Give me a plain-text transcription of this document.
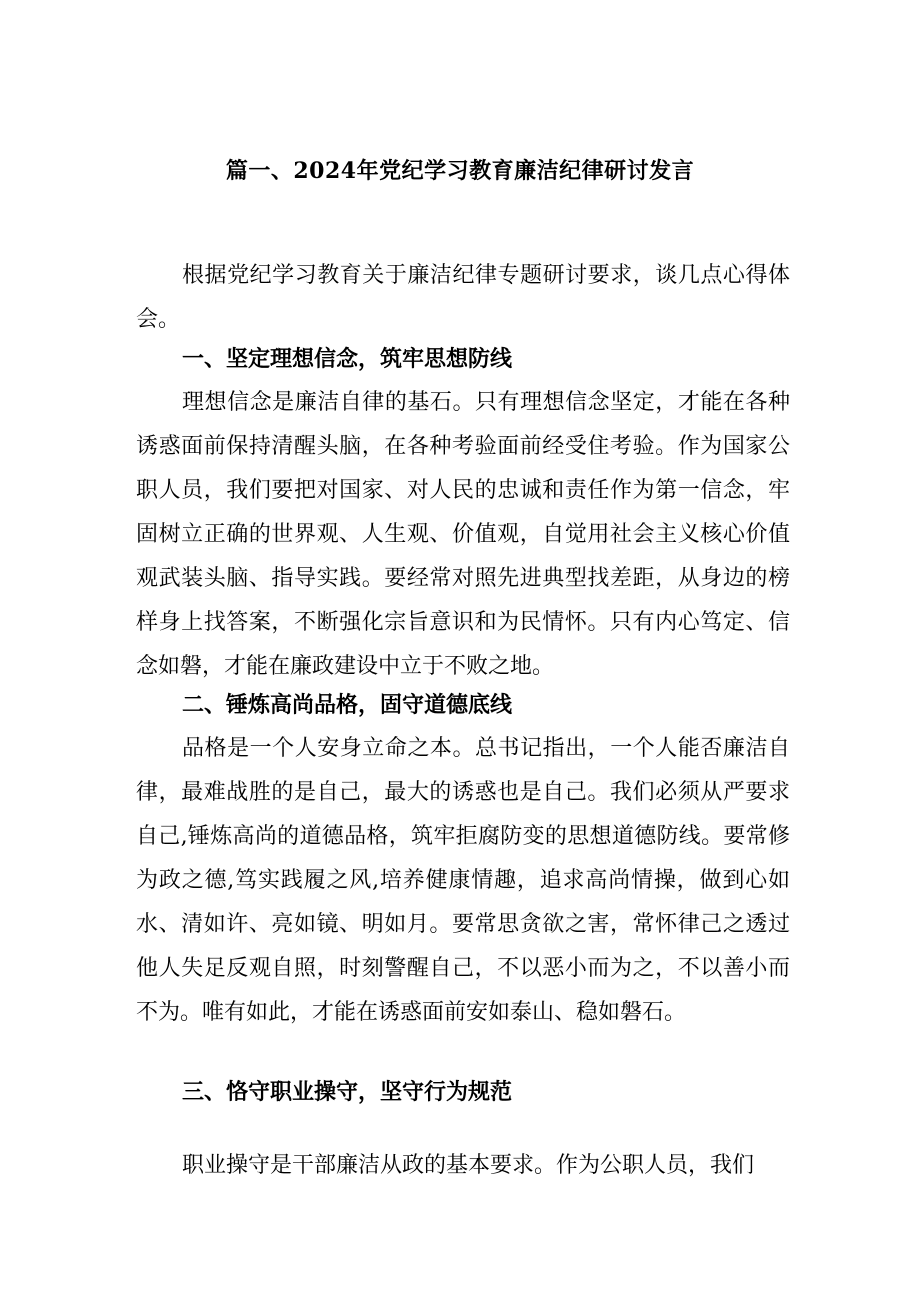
篇一、2024年党纪学习教育廉洁纪律研讨发言

根据党纪学习教育关于廉洁纪律专题研讨要求，谈几点心得体会。

一、坚定理想信念，筑牢思想防线

理想信念是廉洁自律的基石。只有理想信念坚定，才能在各种诱惑面前保持清醒头脑，在各种考验面前经受住考验。作为国家公职人员，我们要把对国家、对人民的忠诚和责任作为第一信念，牢固树立正确的世界观、人生观、价值观，自觉用社会主义核心价值观武装头脑、指导实践。要经常对照先进典型找差距，从身边的榜样身上找答案，不断强化宗旨意识和为民情怀。只有内心笃定、信念如磐，才能在廉政建设中立于不败之地。

二、锤炼高尚品格，固守道德底线

品格是一个人安身立命之本。总书记指出，一个人能否廉洁自律，最难战胜的是自己，最大的诱惑也是自己。我们必须从严要求自己,锤炼高尚的道德品格，筑牢拒腐防变的思想道德防线。要常修为政之德,笃实践履之风,培养健康情趣，追求高尚情操，做到心如水、清如许、亮如镜、明如月。要常思贪欲之害，常怀律己之透过他人失足反观自照，时刻警醒自己，不以恶小而为之，不以善小而不为。唯有如此，才能在诱惑面前安如泰山、稳如磐石。

三、恪守职业操守，坚守行为规范

职业操守是干部廉洁从政的基本要求。作为公职人员，我们
